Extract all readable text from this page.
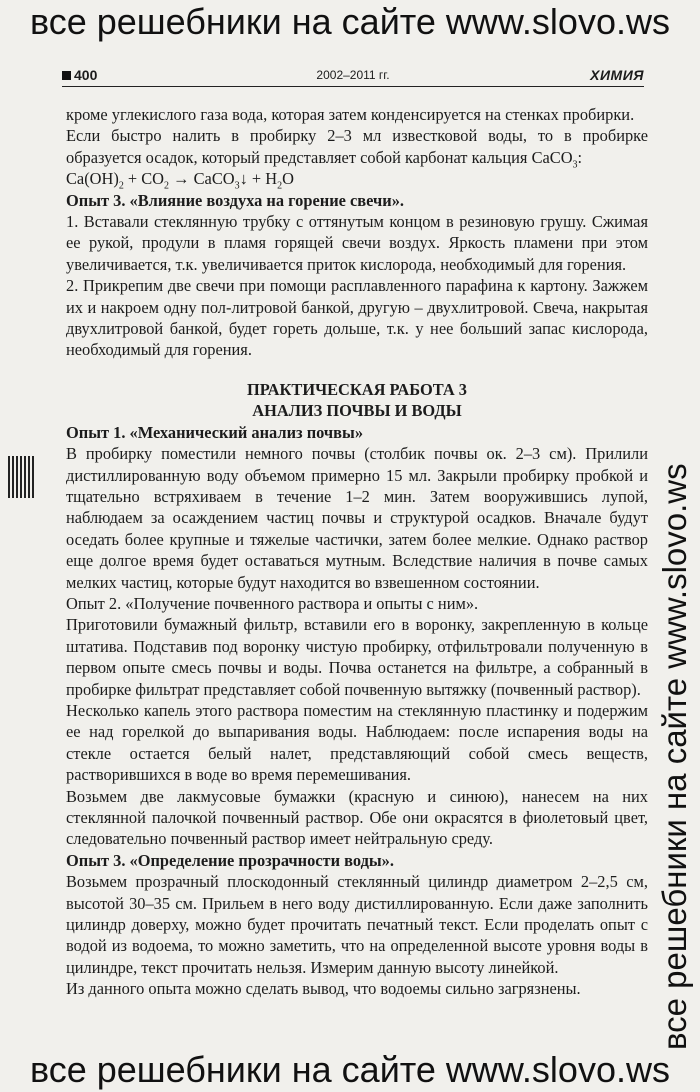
все решебники на сайте www.slovo.ws
400	2002–2011 гг.	ХИМИЯ

кроме углекислого газа вода, которая затем конденсируется на стенках пробирки.

Если быстро налить в пробирку 2–3 мл известковой воды, то в пробирке образуется осадок, который представляет собой карбонат кальция CaCO$_3$:

$Ca(OH)_2 + CO_2$ → CaCO$_3$↓ + $H_2O$

Опыт 3. «Влияние воздуха на горение свечи».

1. Вставали стеклянную трубку с оттянутым концом в резиновую грушу. Сжимая ее рукой, продули в пламя горящей свечи воздух. Яркость пламени при этом увеличивается, т.к. увеличивается приток кислорода, необходимый для горения.

2. Прикрепим две свечи при помощи расплавленного парафина к картону. Зажжем их и накроем одну пол-литровой банкой, другую – двухлитровой. Свеча, накрытая двухлитровой банкой, будет гореть дольше, т.к. у нее больший запас кислорода, необходимый для горения.

ПРАКТИЧЕСКАЯ РАБОТА 3

АНАЛИЗ ПОЧВЫ И ВОДЫ

Опыт 1. «Механический анализ почвы»

В пробирку поместили немного почвы (столбик почвы ок. 2–3 см). Прилили дистиллированную воду объемом примерно 15 мл. Закрыли пробирку пробкой и тщательно встряхиваем в течение 1–2 мин. Затем вооружившись лупой, наблюдаем за осаждением частиц почвы и структурой осадков. Вначале будут оседать более крупные и тяжелые частички, затем более мелкие. Однако раствор еще долгое время будет оставаться мутным. Вследствие наличия в почве самых мелких частиц, которые будут находится во взвешенном состоянии.

Опыт 2. «Получение почвенного раствора и опыты с ним».

Приготовили бумажный фильтр, вставили его в воронку, закрепленную в кольце штатива. Подставив под воронку чистую пробирку, отфильтровали полученную в первом опыте смесь почвы и воды. Почва останется на фильтре, а собранный в пробирке фильтрат представляет собой почвенную вытяжку (почвенный раствор).

Несколько капель этого раствора поместим на стеклянную пластинку и подержим ее над горелкой до выпаривания воды. Наблюдаем: после испарения воды на стекле остается белый налет, представляющий собой смесь веществ, растворившихся в воде во время перемешивания.

Возьмем две лакмусовые бумажки (красную и синюю), нанесем на них стеклянной палочкой почвенный раствор. Обе они окрасятся в фиолетовый цвет, следовательно почвенный раствор имеет нейтральную среду.

Опыт 3. «Определение прозрачности воды».

Возьмем прозрачный плоскодонный стеклянный цилиндр диаметром 2–2,5 см, высотой 30–35 см. Прильем в него воду дистиллированную. Если даже заполнить цилиндр доверху, можно будет прочитать печатный текст. Если проделать опыт с водой из водоема, то можно заметить, что на определенной высоте уровня воды в цилиндре, текст прочитать нельзя. Измерим данную высоту линейкой.

Из данного опыта можно сделать вывод, что водоемы сильно загрязнены.	все решебники на сайте www.slovo.ws
все решебники на сайте www.slovo.ws
